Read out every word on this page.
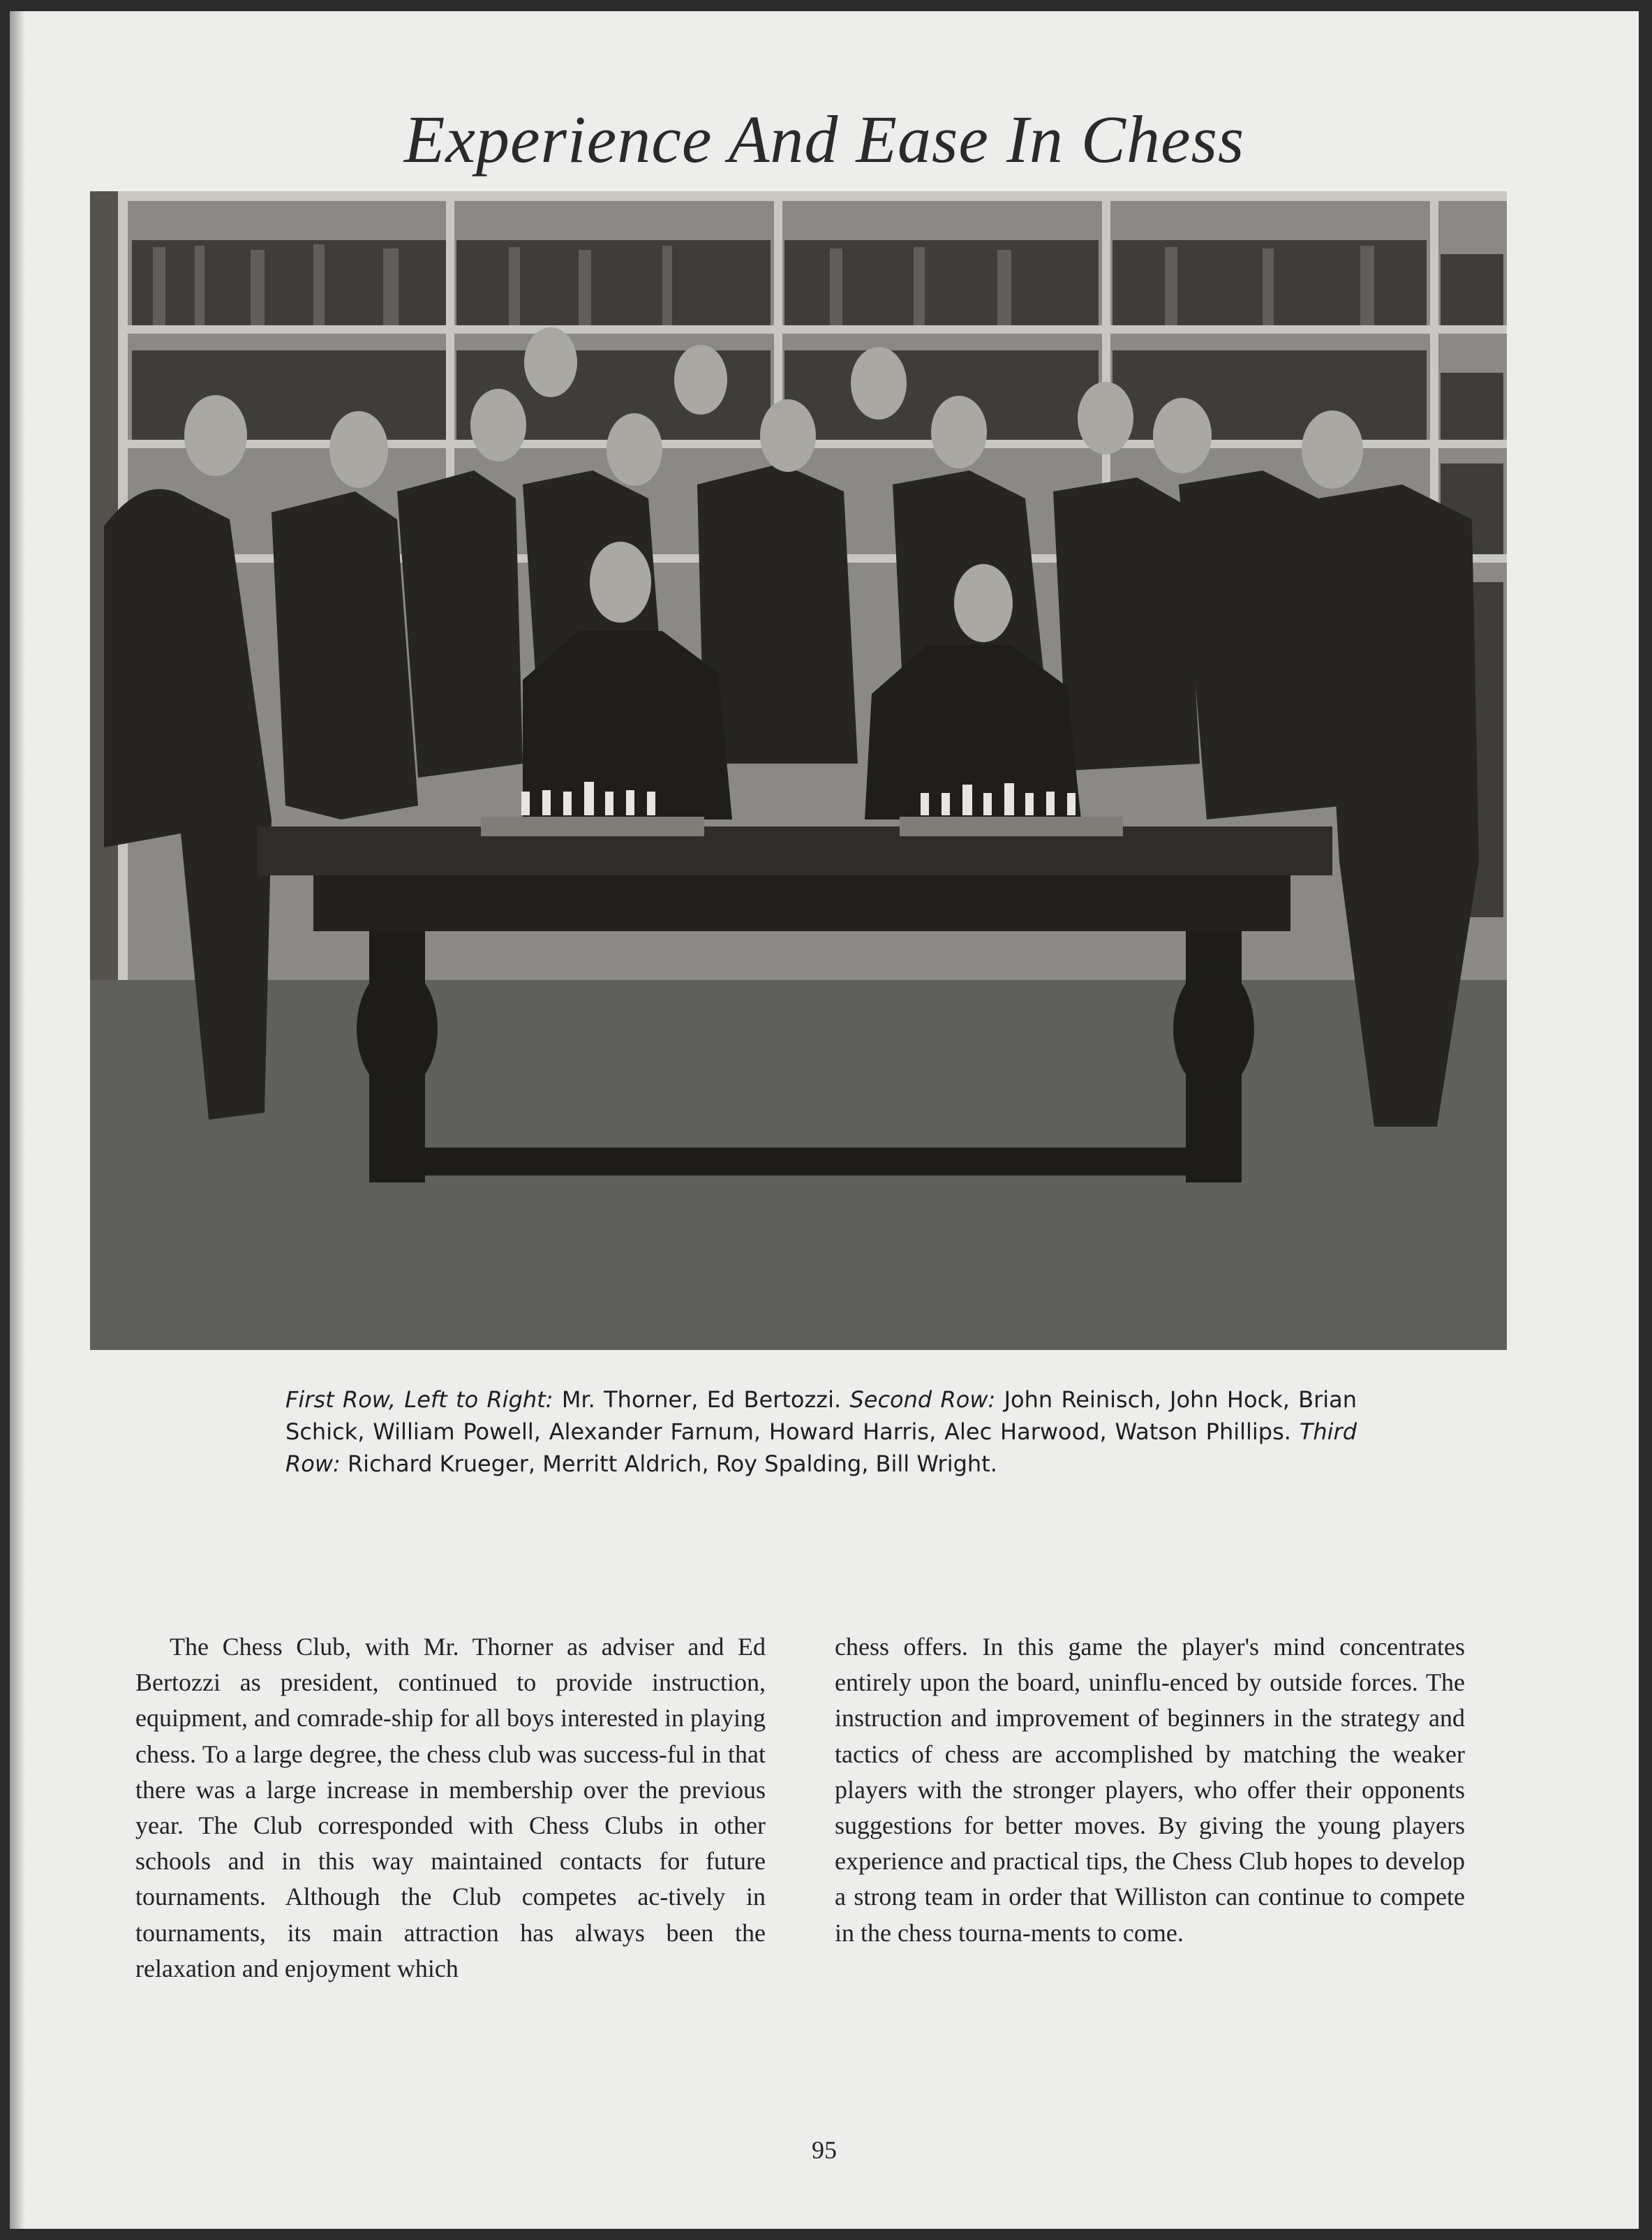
Experience And Ease In Chess
First Row, Left to Right: Mr. Thorner, Ed Bertozzi. Second Row: John Reinisch, John Hock, Brian Schick, William Powell, Alexander Farnum, Howard Harris, Alec Harwood, Watson Phillips. Third Row: Richard Krueger, Merritt Aldrich, Roy Spalding, Bill Wright.

The Chess Club, with Mr. Thorner as adviser and Ed Bertozzi as president, continued to provide instruction, equipment, and comrade-ship for all boys interested in playing chess. To a large degree, the chess club was success-ful in that there was a large increase in membership over the previous year. The Club corresponded with Chess Clubs in other schools and in this way maintained contacts for future tournaments. Although the Club competes ac-tively in tournaments, its main attraction has always been the relaxation and enjoyment which

chess offers. In this game the player's mind concentrates entirely upon the board, uninflu-enced by outside forces. The instruction and improvement of beginners in the strategy and tactics of chess are accomplished by matching the weaker players with the stronger players, who offer their opponents suggestions for better moves. By giving the young players experience and practical tips, the Chess Club hopes to develop a strong team in order that Williston can continue to compete in the chess tourna-ments to come.

95
